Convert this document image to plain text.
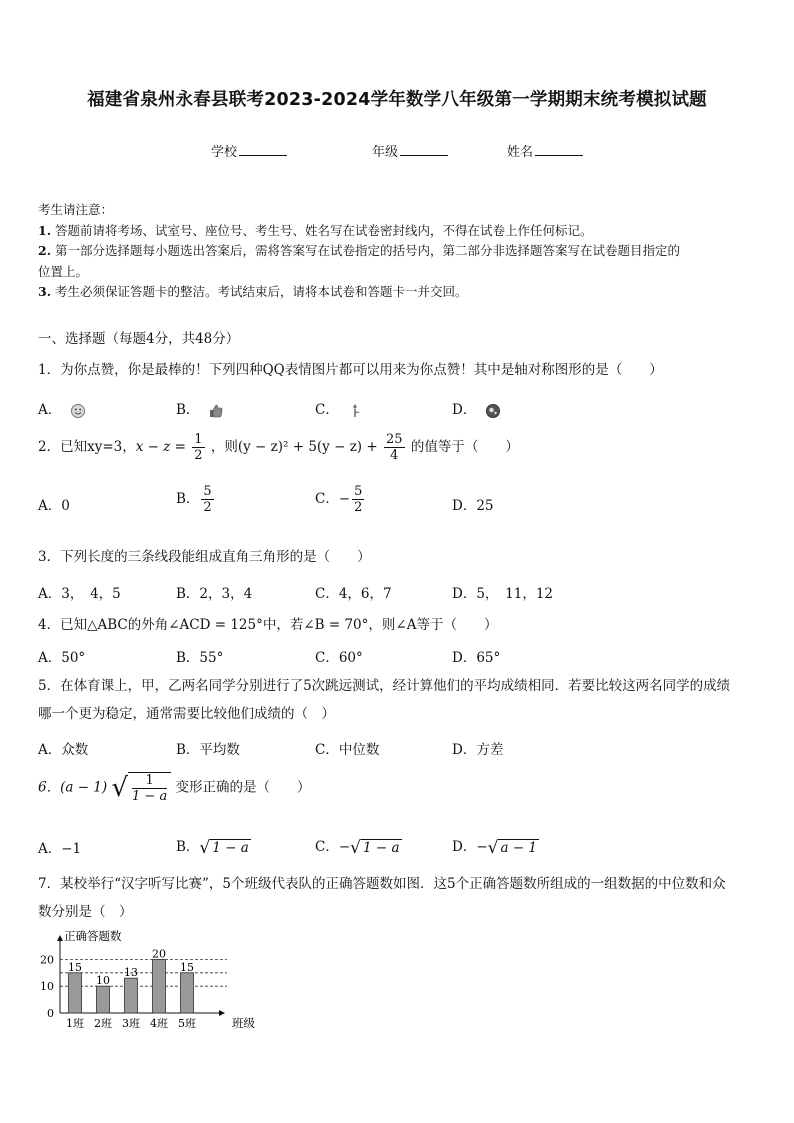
福建省泉州永春县联考2023-2024学年数学八年级第一学期期末统考模拟试题
学校	年级	姓名
考生请注意：
1. 答题前请将考场、试室号、座位号、考生号、姓名写在试卷密封线内，不得在试卷上作任何标记。
2. 第一部分选择题每小题选出答案后，需将答案写在试卷指定的括号内，第二部分非选择题答案写在试卷题目指定的
位置上。
3. 考生必须保证答题卡的整洁。考试结束后，请将本试卷和答题卡一并交回。
一、选择题（每题4分，共48分）
1．为你点赞，你是最棒的！下列四种QQ表情图片都可以用来为你点赞！其中是轴对称图形的是（　　）
A．	B．	C．	D．
2．已知xy=3，$x - z = \frac{1}{2}$ ，则$(y - z)^2 + 5(y - z) + \frac{25}{4}$ 的值等于（　　）
A．0	B． $\frac{5}{2}$	C．− $\frac{5}{2}$	D．25
3．下列长度的三条线段能组成直角三角形的是（　　）
A．3，　4，5	B．2，3，4	C．4，6，7	D．5，　11，12
4．已知△ABC的外角∠ACD = 125°中，若∠B = 70°，则∠A等于（　　）
A．50°	B．55°	C．60°	D．65°
5．在体育课上，甲，乙两名同学分别进行了5次跳远测试，经计算他们的平均成绩相同．若要比较这两名同学的成绩
哪一个更为稳定，通常需要比较他们成绩的（　）
A．众数	B．平均数	C．中位数	D．方差
6．(a − 1) √ $\frac{1}{1 - a}$ 变形正确的是（　　）
A．−1	B． √ 1 − a	C．− √ 1 − a	D．− √ a − 1
7．某校举行“汉字听写比赛”，5个班级代表队的正确答题数如图．这5个正确答题数所组成的一组数据的中位数和众
数分别是（　）
正确答题数
班级
0
10
20
15
1班
10
2班
13
3班
20
4班
15
5班
